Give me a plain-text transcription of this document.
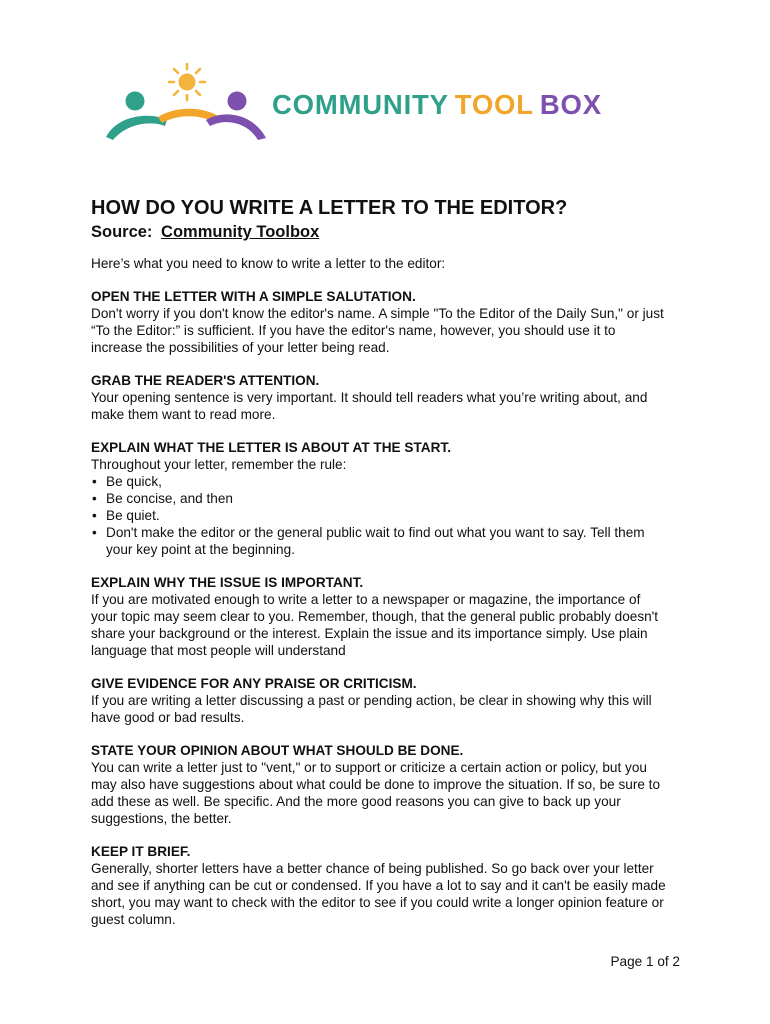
COMMUNITY TOOL BOX
HOW DO YOU WRITE A LETTER TO THE EDITOR?
Source: Community Toolbox

Here’s what you need to know to write a letter to the editor:

OPEN THE LETTER WITH A SIMPLE SALUTATION.

Don't worry if you don't know the editor's name. A simple "To the Editor of the Daily Sun," or just

“To the Editor:” is sufficient. If you have the editor's name, however, you should use it to

increase the possibilities of your letter being read.

GRAB THE READER'S ATTENTION.

Your opening sentence is very important. It should tell readers what you’re writing about, and

make them want to read more.

EXPLAIN WHAT THE LETTER IS ABOUT AT THE START.

Throughout your letter, remember the rule:

• Be quick,
• Be concise, and then
• Be quiet.
• Don't make the editor or the general public wait to find out what you want to say. Tell them
your key point at the beginning.
EXPLAIN WHY THE ISSUE IS IMPORTANT.

If you are motivated enough to write a letter to a newspaper or magazine, the importance of

your topic may seem clear to you. Remember, though, that the general public probably doesn't

share your background or the interest. Explain the issue and its importance simply. Use plain

language that most people will understand

GIVE EVIDENCE FOR ANY PRAISE OR CRITICISM.

If you are writing a letter discussing a past or pending action, be clear in showing why this will

have good or bad results.

STATE YOUR OPINION ABOUT WHAT SHOULD BE DONE.

You can write a letter just to "vent," or to support or criticize a certain action or policy, but you

may also have suggestions about what could be done to improve the situation. If so, be sure to

add these as well. Be specific. And the more good reasons you can give to back up your

suggestions, the better.

KEEP IT BRIEF.

Generally, shorter letters have a better chance of being published. So go back over your letter

and see if anything can be cut or condensed. If you have a lot to say and it can't be easily made

short, you may want to check with the editor to see if you could write a longer opinion feature or

guest column.

Page 1 of 2
